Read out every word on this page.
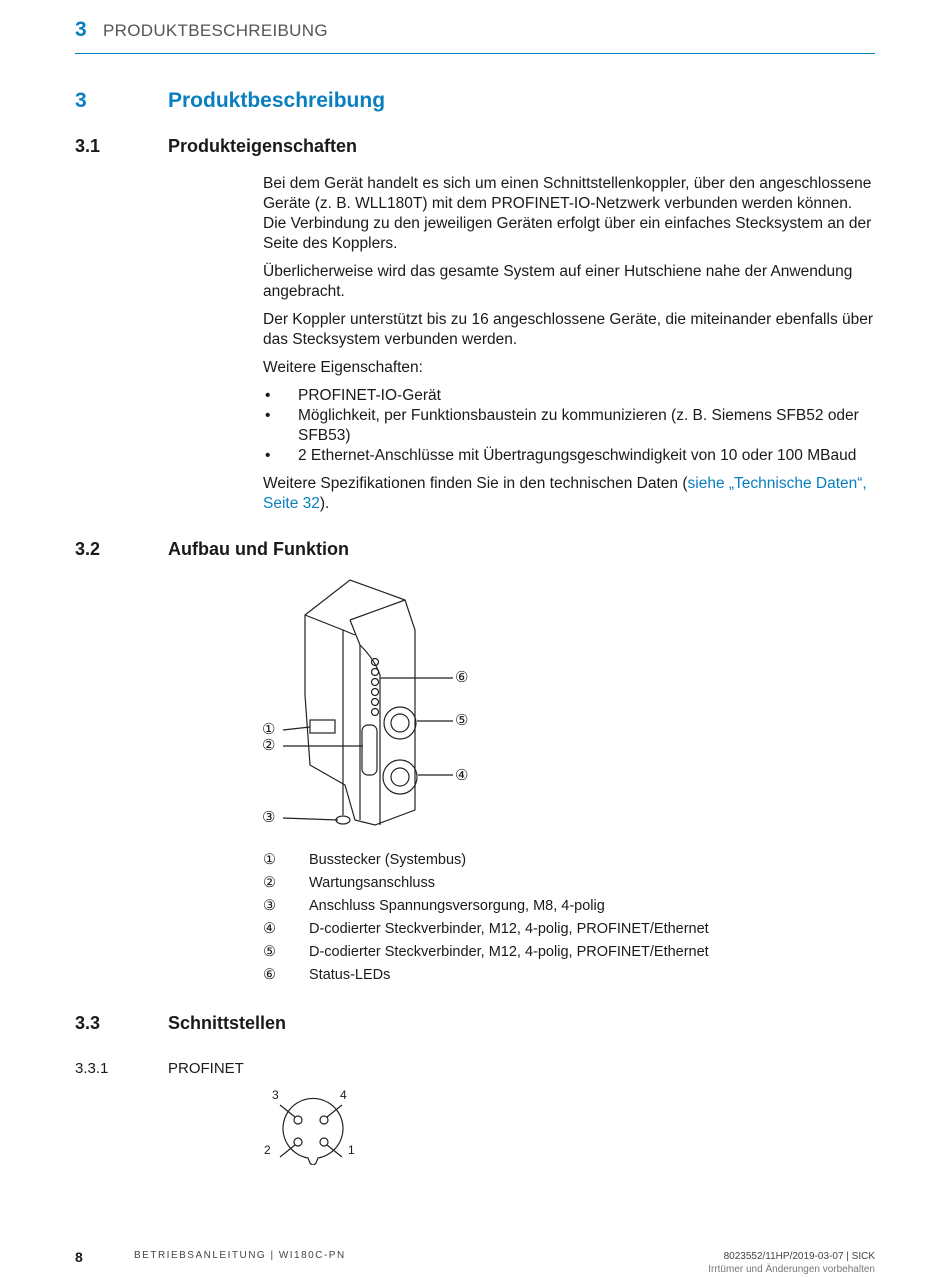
3 PRODUKTBESCHREIBUNG
3	Produktbeschreibung
3.1	Produkteigenschaften

Bei dem Gerät handelt es sich um einen Schnittstellenkoppler, über den angeschlossene Geräte (z. B. WLL180T) mit dem PROFINET-IO-Netzwerk verbunden werden können. Die Verbindung zu den jeweiligen Geräten erfolgt über ein einfaches Stecksystem an der Seite des Kopplers.

Überlicherweise wird das gesamte System auf einer Hutschiene nahe der Anwendung angebracht.

Der Koppler unterstützt bis zu 16 angeschlossene Geräte, die miteinander ebenfalls über das Stecksystem verbunden werden.

Weitere Eigenschaften:

• PROFINET-IO-Gerät
• Möglichkeit, per Funktionsbaustein zu kommunizieren (z. B. Siemens SFB52 oder SFB53)
• 2 Ethernet-Anschlüsse mit Übertragungsgeschwindigkeit von 10 oder 100 MBaud

Weitere Spezifikationen finden Sie in den technischen Daten (siehe „Technische Daten“, Seite 32).

3.2	Aufbau und Funktion
①
②
③
④
⑤
⑥
①	Busstecker (Systembus)
②	Wartungsanschluss
③	Anschluss Spannungsversorgung, M8, 4-polig
④	D-codierter Steckverbinder, M12, 4-polig, PROFINET/Ethernet
⑤	D-codierter Steckverbinder, M12, 4-polig, PROFINET/Ethernet
⑥	Status-LEDs
3.3	Schnittstellen
3.3.1	PROFINET
3	4
2	1
8	BETRIEBSANLEITUNG | WI180C-PN	8023552/11HP/2019-03-07 | SICK
Irrtümer und Änderungen vorbehalten
